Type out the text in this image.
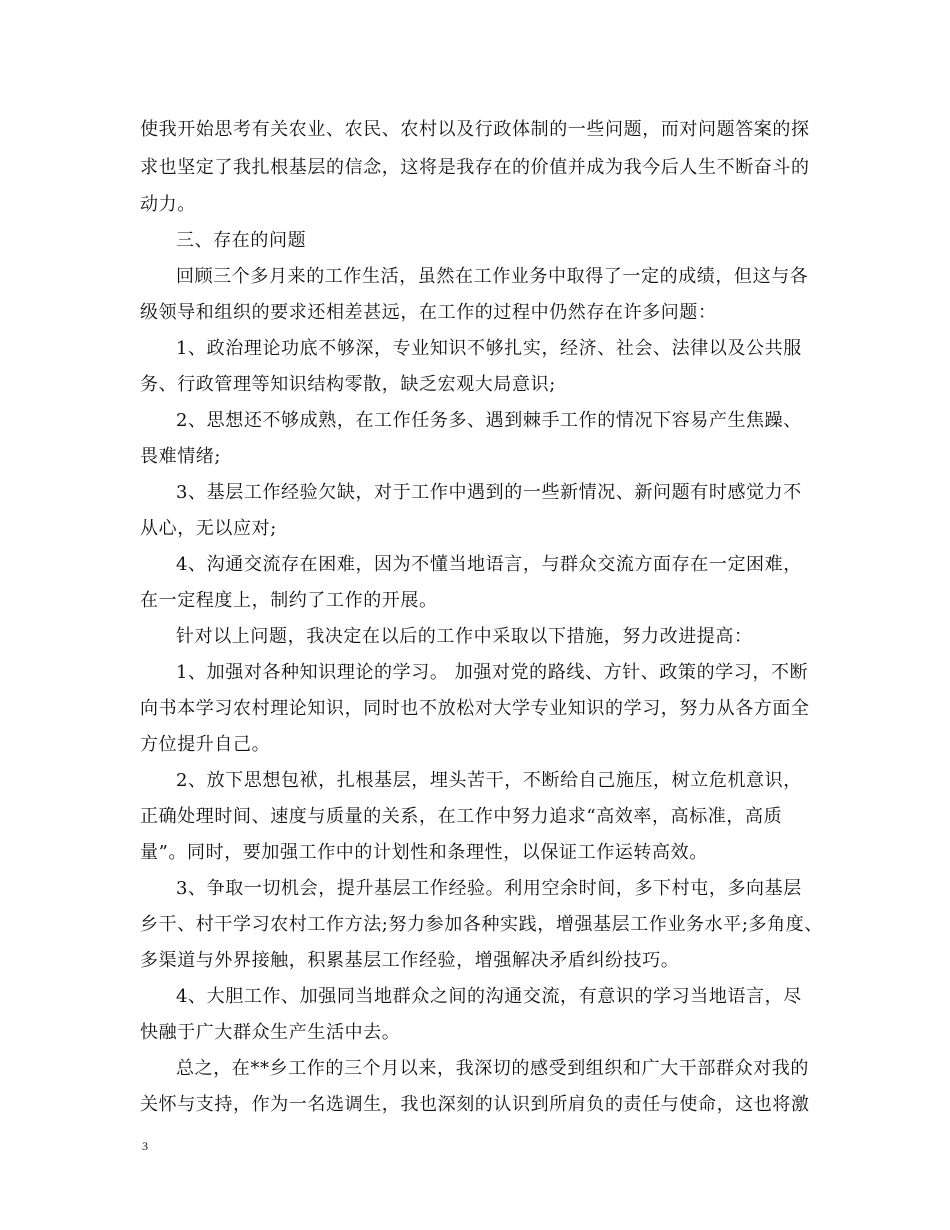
使我开始思考有关农业、农民、农村以及行政体制的一些问题，而对问题答案的探
求也坚定了我扎根基层的信念，这将是我存在的价值并成为我今后人生不断奋斗的
动力。
三、存在的问题
回顾三个多月来的工作生活，虽然在工作业务中取得了一定的成绩，但这与各
级领导和组织的要求还相差甚远，在工作的过程中仍然存在许多问题：
1、政治理论功底不够深，专业知识不够扎实，经济、社会、法律以及公共服
务、行政管理等知识结构零散，缺乏宏观大局意识;
2、思想还不够成熟，在工作任务多、遇到棘手工作的情况下容易产生焦躁、
畏难情绪;
3、基层工作经验欠缺，对于工作中遇到的一些新情况、新问题有时感觉力不
从心，无以应对;
4、沟通交流存在困难，因为不懂当地语言，与群众交流方面存在一定困难，
在一定程度上，制约了工作的开展。
针对以上问题，我决定在以后的工作中采取以下措施，努力改进提高：
1、加强对各种知识理论的学习。 加强对党的路线、方针、政策的学习，不断
向书本学习农村理论知识，同时也不放松对大学专业知识的学习，努力从各方面全
方位提升自己。
2、放下思想包袱，扎根基层，埋头苦干，不断给自己施压，树立危机意识，
正确处理时间、速度与质量的关系，在工作中努力追求“高效率，高标准，高质
量”。同时，要加强工作中的计划性和条理性，以保证工作运转高效。
3、争取一切机会，提升基层工作经验。利用空余时间，多下村屯，多向基层
乡干、村干学习农村工作方法;努力参加各种实践，增强基层工作业务水平;多角度、
多渠道与外界接触，积累基层工作经验，增强解决矛盾纠纷技巧。
4、大胆工作、加强同当地群众之间的沟通交流，有意识的学习当地语言，尽
快融于广大群众生产生活中去。
总之，在**乡工作的三个月以来，我深切的感受到组织和广大干部群众对我的
关怀与支持，作为一名选调生，我也深刻的认识到所肩负的责任与使命，这也将激
3
